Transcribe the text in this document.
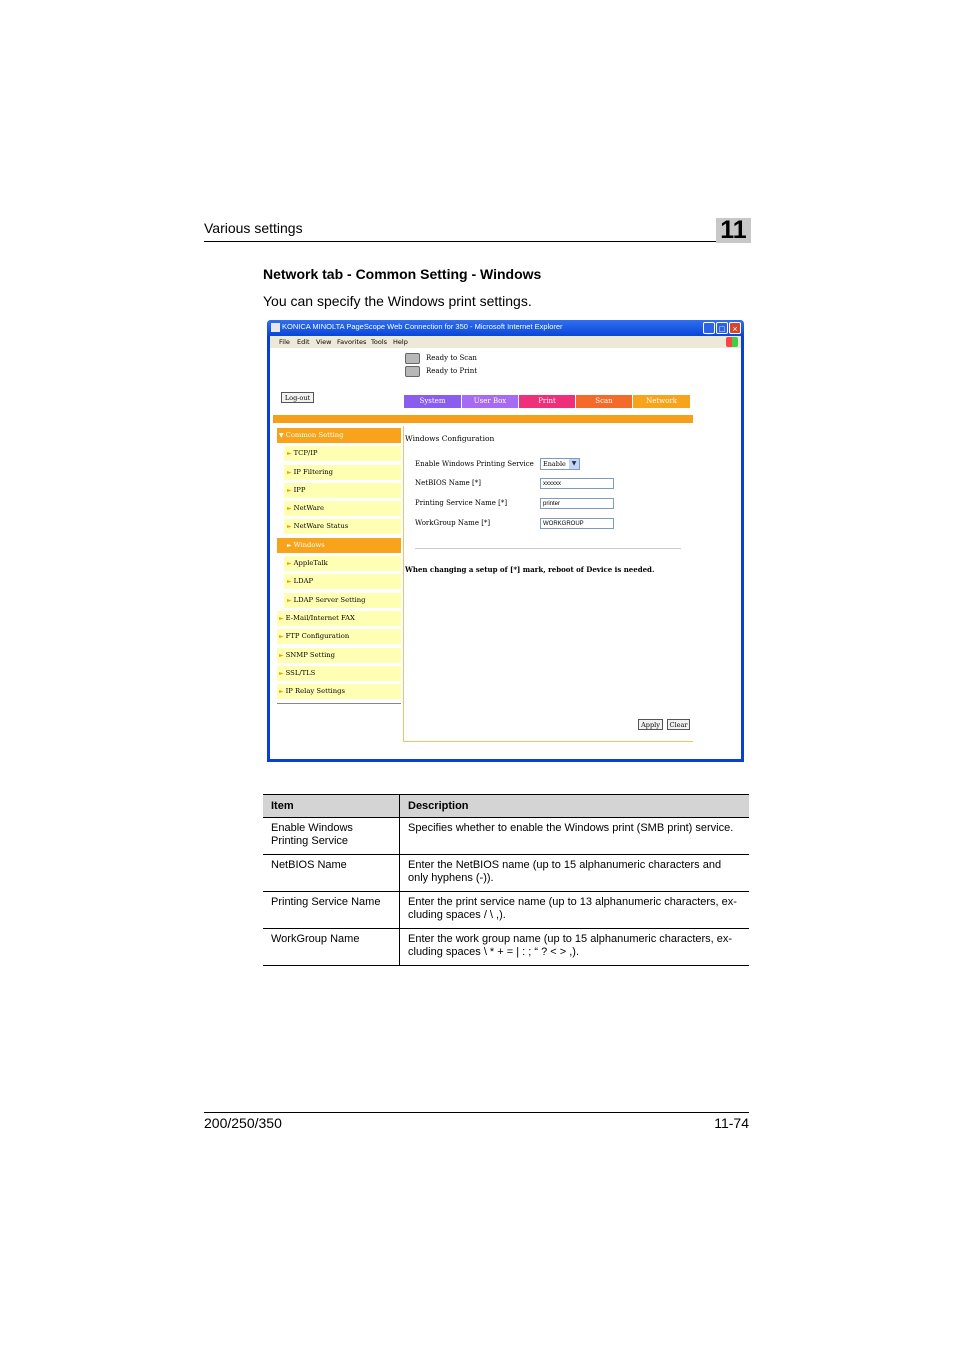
Various settings	11
Network tab - Common Setting - Windows
You can specify the Windows print settings.
KONICA MINOLTA PageScope Web Connection for 350 - Microsoft Internet Explorer	_ □ ×
File Edit View Favorites Tools Help
Ready to Scan
Ready to Print
Log-out	System	User Box	Print	Scan	Network
▼ Common Setting
► TCP/IP
► IP Filtering
► IPP
► NetWare
► NetWare Status
► Windows
► AppleTalk
► LDAP
► LDAP Server Setting
► E-Mail/Internet FAX
► FTP Configuration
► SNMP Setting
► SSL/TLS
► IP Relay Settings
Windows Configuration
Enable Windows Printing Service	Enable ▼
NetBIOS Name [*]	xxxxxx
Printing Service Name [*]	printer
WorkGroup Name [*]	WORKGROUP
When changing a setup of [*] mark, reboot of Device is needed.
Apply	Clear
Item	Description
Enable Windows Printing Service	Specifies whether to enable the Windows print (SMB print) service.
NetBIOS Name	Enter the NetBIOS name (up to 15 alphanumeric characters and only hyphens (-)).
Printing Service Name	Enter the print service name (up to 13 alphanumeric characters, ex-cluding spaces / \ ,).
WorkGroup Name	Enter the work group name (up to 15 alphanumeric characters, ex-cluding spaces \ * + = | : ; “ ? < > ,).
200/250/350	11-74
